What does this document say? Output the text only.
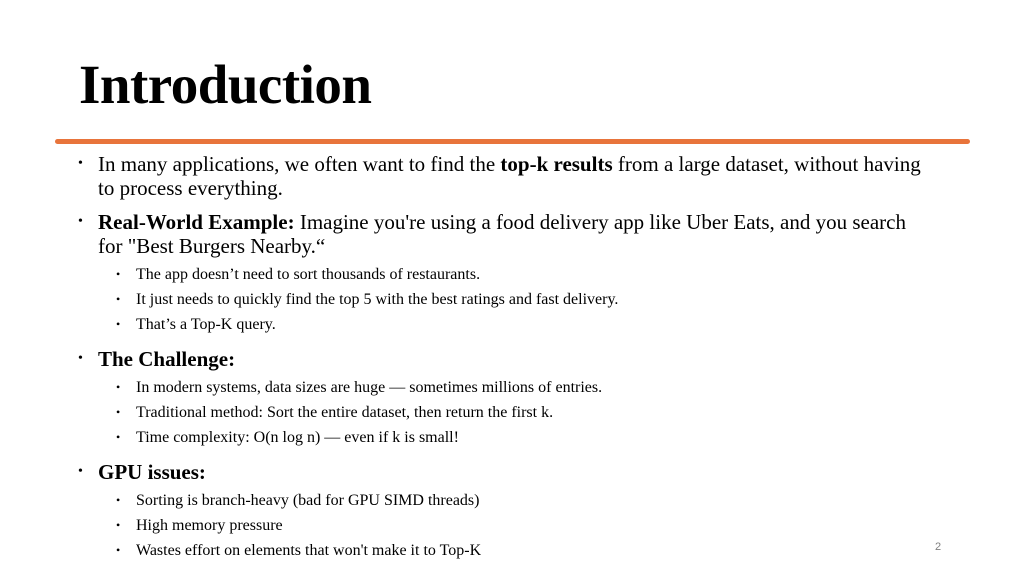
Introduction
• In many applications, we often want to find the top-k results from a large dataset, without having to process everything.
• Real-World Example: Imagine you're using a food delivery app like Uber Eats, and you search for "Best Burgers Nearby.“
• The app doesn’t need to sort thousands of restaurants.
• It just needs to quickly find the top 5 with the best ratings and fast delivery.
• That’s a Top-K query.
• The Challenge:
• In modern systems, data sizes are huge — sometimes millions of entries.
• Traditional method: Sort the entire dataset, then return the first k.
• Time complexity: O(n log n) — even if k is small!
• GPU issues:
• Sorting is branch-heavy (bad for GPU SIMD threads)
• High memory pressure
• Wastes effort on elements that won't make it to Top-K	2
